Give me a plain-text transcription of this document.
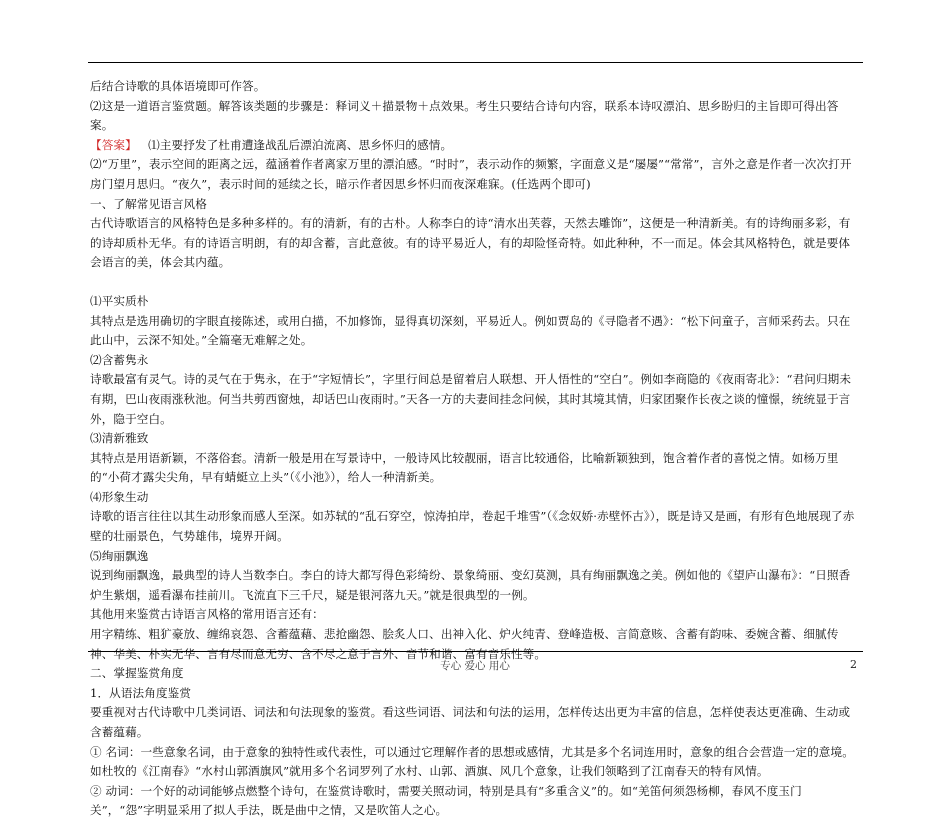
后结合诗歌的具体语境即可作答。

⑵这是一道语言鉴赏题。解答该类题的步骤是：释词义＋描景物＋点效果。考生只要结合诗句内容，联系本诗叹漂泊、思乡盼归的主旨即可得出答案。

【答案】 ⑴主要抒发了杜甫遭逢战乱后漂泊流离、思乡怀归的感情。

⑵“万里”，表示空间的距离之远，蕴涵着作者离家万里的漂泊感。“时时”，表示动作的频繁，字面意义是“屡屡”“常常”，言外之意是作者一次次打开房门望月思归。“夜久”，表示时间的延续之长，暗示作者因思乡怀归而夜深难寐。(任选两个即可)

一、了解常见语言风格

古代诗歌语言的风格特色是多种多样的。有的清新，有的古朴。人称李白的诗“清水出芙蓉，天然去雕饰”，这便是一种清新美。有的诗绚丽多彩，有的诗却质朴无华。有的诗语言明朗，有的却含蓄，言此意彼。有的诗平易近人，有的却险怪奇特。如此种种，不一而足。体会其风格特色，就是要体会语言的美，体会其内蕴。

⑴平实质朴

其特点是选用确切的字眼直接陈述，或用白描，不加修饰，显得真切深刻，平易近人。例如贾岛的《寻隐者不遇》：“松下问童子，言师采药去。只在此山中，云深不知处。”全篇毫无难解之处。

⑵含蓄隽永

诗歌最富有灵气。诗的灵气在于隽永，在于“字短情长”，字里行间总是留着启人联想、开人悟性的“空白”。例如李商隐的《夜雨寄北》：“君问归期未有期，巴山夜雨涨秋池。何当共剪西窗烛，却话巴山夜雨时。”天各一方的夫妻间挂念问候，其时其境其情，归家团聚作长夜之谈的憧憬，统统显于言外，隐于空白。

⑶清新雅致

其特点是用语新颖，不落俗套。清新一般是用在写景诗中，一般诗风比较靓丽，语言比较通俗，比喻新颖独到，饱含着作者的喜悦之情。如杨万里的“小荷才露尖尖角，早有蜻蜓立上头”（《小池》），给人一种清新美。

⑷形象生动

诗歌的语言往往以其生动形象而感人至深。如苏轼的“乱石穿空，惊涛拍岸，卷起千堆雪”（《念奴娇·赤壁怀古》），既是诗又是画，有形有色地展现了赤壁的壮丽景色，气势雄伟，境界开阔。

⑸绚丽飘逸

说到绚丽飘逸，最典型的诗人当数李白。李白的诗大都写得色彩绮纷、景象绮丽、变幻莫测，具有绚丽飘逸之美。例如他的《望庐山瀑布》：“日照香炉生紫烟，遥看瀑布挂前川。飞流直下三千尺，疑是银河落九天。”就是很典型的一例。

其他用来鉴赏古诗语言风格的常用语言还有：

用字精练、粗犷豪放、缠绵哀怨、含蓄蕴藉、悲抢幽怨、脍炙人口、出神入化、炉火纯青、登峰造极、言简意赅、含蓄有韵味、委婉含蓄、细腻传神、华美、朴实无华、言有尽而意无穷、含不尽之意于言外、音节和谐、富有音乐性等。

二、掌握鉴赏角度

1．从语法角度鉴赏

要重视对古代诗歌中几类词语、词法和句法现象的鉴赏。看这些词语、词法和句法的运用，怎样传达出更为丰富的信息，怎样使表达更准确、生动或含蓄蕴藉。

① 名词：一些意象名词，由于意象的独特性或代表性，可以通过它理解作者的思想或感情，尤其是多个名词连用时，意象的组合会营造一定的意境。如杜牧的《江南春》“水村山郭酒旗风”就用多个名词罗列了水村、山郭、酒旗、风几个意象，让我们领略到了江南春天的特有风情。

② 动词：一个好的动词能够点燃整个诗句，在鉴赏诗歌时，需要关照动词，特别是具有“多重含义”的。如“羌笛何须怨杨柳，春风不度玉门关”，“怨”字明显采用了拟人手法，既是曲中之情，又是吹笛人之心。

专心 爱心 用心	2
